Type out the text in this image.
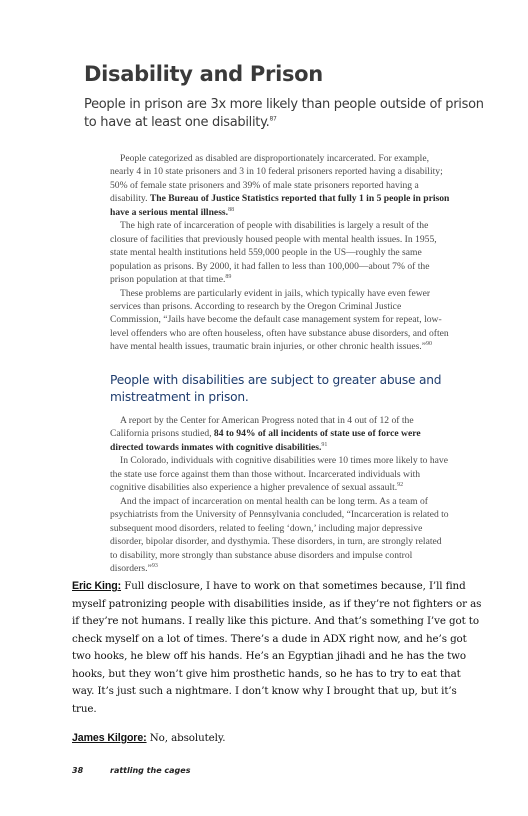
Disability and Prison

People in prison are 3x more likely than people outside of prison to have at least one disability.$^{87}$

People categorized as disabled are disproportionately incarcerated. For example, nearly 4 in 10 state prisoners and 3 in 10 federal prisoners reported having a disability; 50% of female state prisoners and 39% of male state prisoners reported having a disability. The Bureau of Justice Statistics reported that fully 1 in 5 people in prison have a serious mental illness.$^{88}$

The high rate of incarceration of people with disabilities is largely a result of the closure of facilities that previously housed people with mental health issues. In 1955, state mental health institutions held 559,000 people in the US—roughly the same population as prisons. By 2000, it had fallen to less than 100,000—about 7% of the prison population at that time.$^{89}$

These problems are particularly evident in jails, which typically have even fewer services than prisons. According to research by the Oregon Criminal Justice Commission, “Jails have become the default case management system for repeat, low-level offenders who are often houseless, often have substance abuse disorders, and often have mental health issues, traumatic brain injuries, or other chronic health issues.”$^{90}$

People with disabilities are subject to greater abuse and mistreatment in prison.

A report by the Center for American Progress noted that in 4 out of 12 of the California prisons studied, 84 to 94% of all incidents of state use of force were directed towards inmates with cognitive disabilities.$^{91}$

In Colorado, individuals with cognitive disabilities were 10 times more likely to have the state use force against them than those without. Incarcerated individuals with cognitive disabilities also experience a higher prevalence of sexual assault.$^{92}$

And the impact of incarceration on mental health can be long term. As a team of psychiatrists from the University of Pennsylvania concluded, “Incarceration is related to subsequent mood disorders, related to feeling ‘down,’ including major depressive disorder, bipolar disorder, and dysthymia. These disorders, in turn, are strongly related to disability, more strongly than substance abuse disorders and impulse control disorders.”$^{93}$

Eric King: Full disclosure, I have to work on that sometimes because, I’ll find myself patronizing people with disabilities inside, as if they’re not fighters or as if they’re not humans. I really like this picture. And that’s something I’ve got to check myself on a lot of times. There’s a dude in ADX right now, and he’s got two hooks, he blew off his hands. He’s an Egyptian jihadi and he has the two hooks, but they won’t give him prosthetic hands, so he has to try to eat that way. It’s just such a nightmare. I don’t know why I brought that up, but it’s true.

James Kilgore: No, absolutely.

38	rattling the cages
